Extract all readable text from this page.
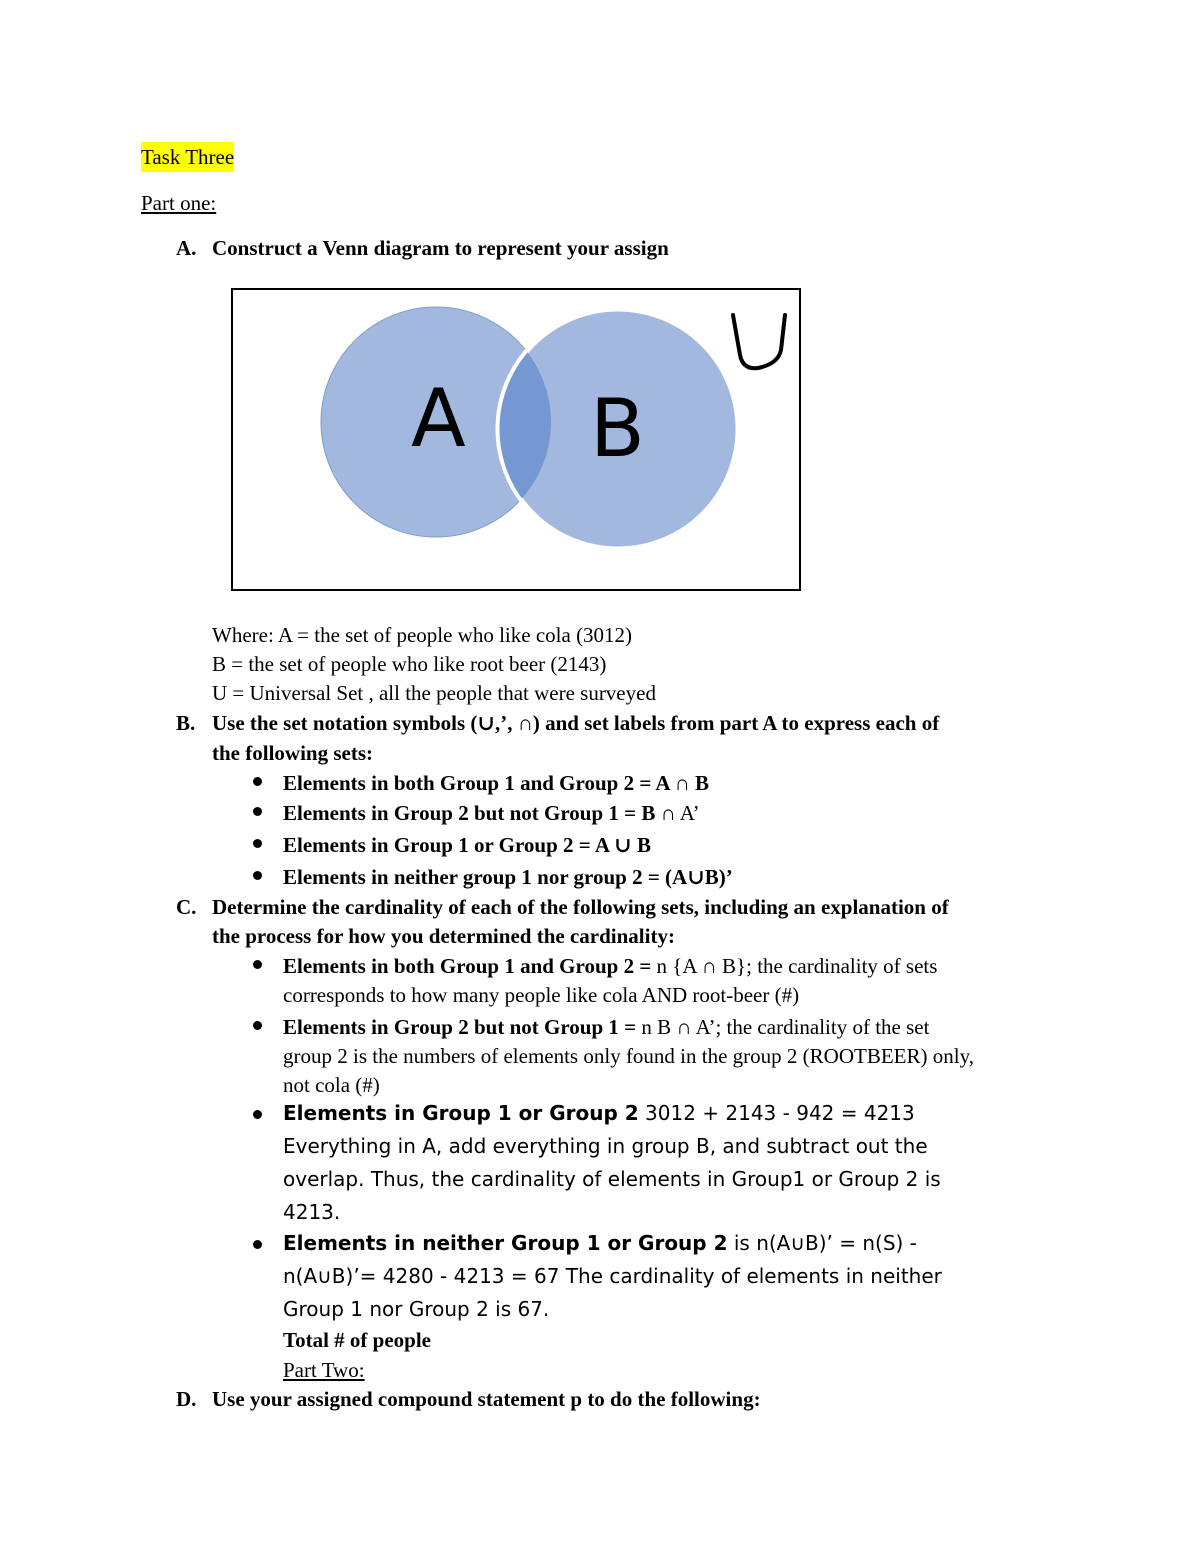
Task Three
Part one:
A. Construct a Venn diagram to represent your assign
A B
Where: A = the set of people who like cola (3012)
B = the set of people who like root beer (2143)
U = Universal Set , all the people that were surveyed
B. Use the set notation symbols (∪,’, ∩) and set labels from part A to express each of
the following sets:
Elements in both Group 1 and Group 2 = A ∩ B
Elements in Group 2 but not Group 1 = B ∩ A’
Elements in Group 1 or Group 2 = A ∪ B
Elements in neither group 1 nor group 2 = (A∪B)’
C. Determine the cardinality of each of the following sets, including an explanation of
the process for how you determined the cardinality:
Elements in both Group 1 and Group 2 = n {A ∩ B}; the cardinality of sets
corresponds to how many people like cola AND root-beer (#)
Elements in Group 2 but not Group 1 = n B ∩ A’; the cardinality of the set
group 2 is the numbers of elements only found in the group 2 (ROOTBEER) only,
not cola (#)
Elements in Group 1 or Group 2 3012 + 2143 - 942 = 4213
Everything in A, add everything in group B, and subtract out the
overlap. Thus, the cardinality of elements in Group1 or Group 2 is
4213.
Elements in neither Group 1 or Group 2 is n(A∪B)’ = n(S) -
n(A∪B)’= 4280 - 4213 = 67 The cardinality of elements in neither
Group 1 nor Group 2 is 67.
Total # of people
Part Two:
D. Use your assigned compound statement p to do the following:
